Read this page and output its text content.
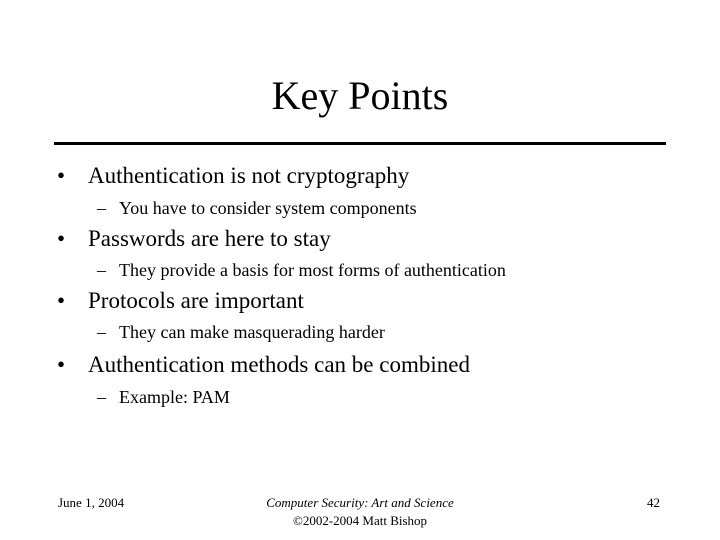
Key Points
• Authentication is not cryptography
– You have to consider system components
• Passwords are here to stay
– They provide a basis for most forms of authentication
• Protocols are important
– They can make masquerading harder
• Authentication methods can be combined
– Example: PAM
June 1, 2004	Computer Security: Art and Science
©2002-2004 Matt Bishop
42
